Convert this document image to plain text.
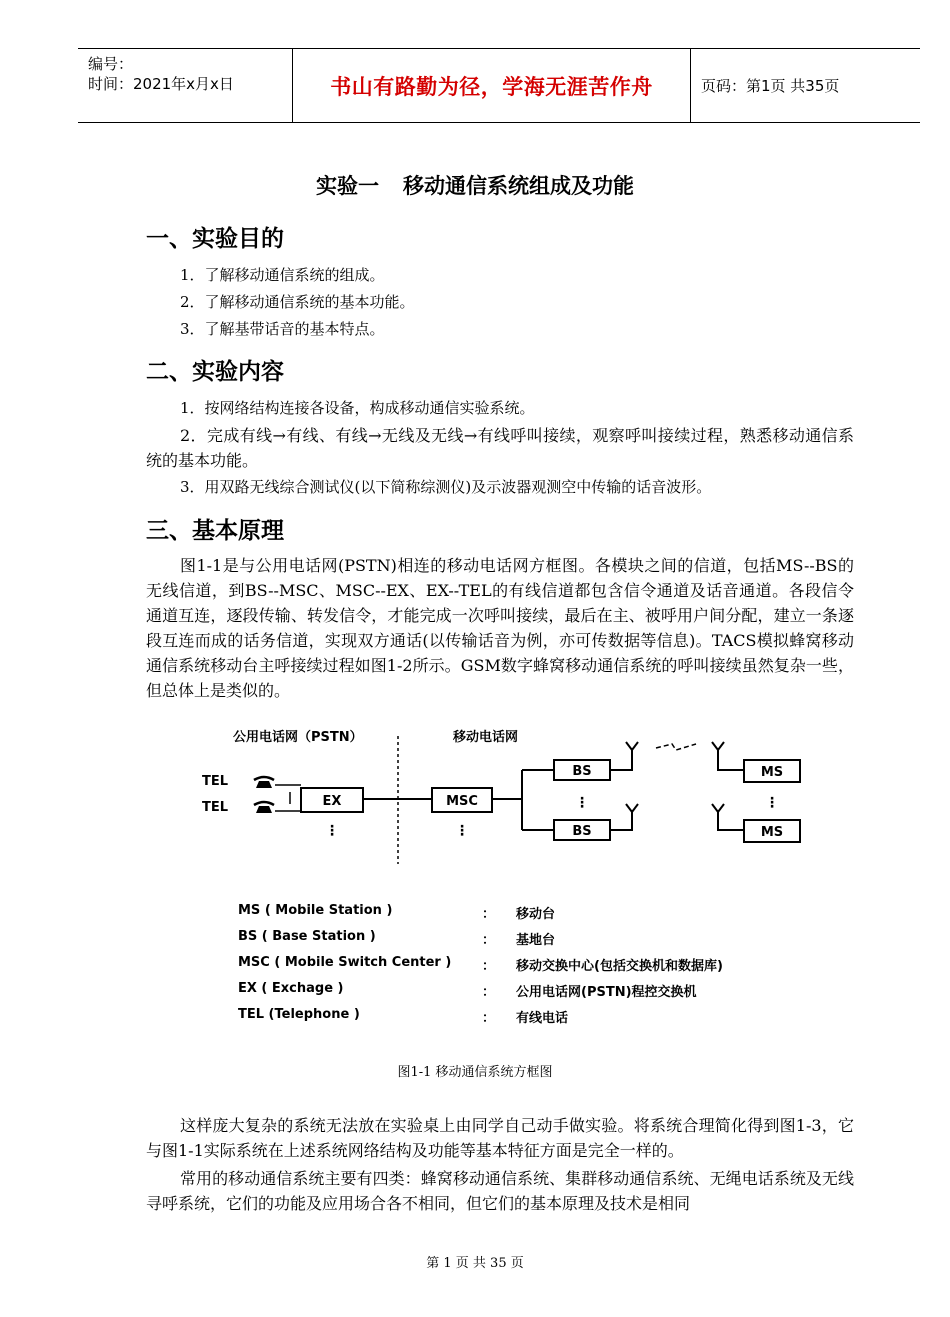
编号：
时间：2021年x月x日	书山有路勤为径，学海无涯苦作舟	页码：第1页 共35页
实验一 移动通信系统组成及功能
一、实验目的
1．了解移动通信系统的组成。
2．了解移动通信系统的基本功能。
3．了解基带话音的基本特点。
二、实验内容
1．按网络结构连接各设备，构成移动通信实验系统。

2．完成有线→有线、有线→无线及无线→有线呼叫接续，观察呼叫接续过程，熟悉移动通信系统的基本功能。

3．用双路无线综合测试仪(以下简称综测仪)及示波器观测空中传输的话音波形。
三、基本原理

图1-1是与公用电话网(PSTN)相连的移动电话网方框图。各模块之间的信道，包括MS--BS的无线信道，到BS--MSC、MSC--EX、EX--TEL的有线信道都包含信令通道及话音通道。各段信令通道互连，逐段传输、转发信令，才能完成一次呼叫接续，最后在主、被呼用户间分配，建立一条逐段互连而成的话务信道，实现双方通话(以传输话音为例，亦可传数据等信息)。TACS模拟蜂窝移动通信系统移动台主呼接续过程如图1-2所示。GSM数字蜂窝移动通信系统的呼叫接续虽然复杂一些，但总体上是类似的。

公用电话网（PSTN）	移动电话网
TEL
TEL	EX
⋮
MSC
⋮
BS
BS
⋮
MS
MS
⋮
MS ( Mobile Station )	： 移动台
BS ( Base Station )	： 基地台
MSC ( Mobile Switch Center ) ： 移动交换中心(包括交换机和数据库)
EX ( Exchage )	： 公用电话网(PSTN)程控交换机
TEL (Telephone )	： 有线电话
图1-1 移动通信系统方框图

这样庞大复杂的系统无法放在实验桌上由同学自己动手做实验。将系统合理简化得到图1-3，它与图1-1实际系统在上述系统网络结构及功能等基本特征方面是完全一样的。

常用的移动通信系统主要有四类：蜂窝移动通信系统、集群移动通信系统、无绳电话系统及无线寻呼系统，它们的功能及应用场合各不相同，但它们的基本原理及技术是相同

第 1 页 共 35 页
